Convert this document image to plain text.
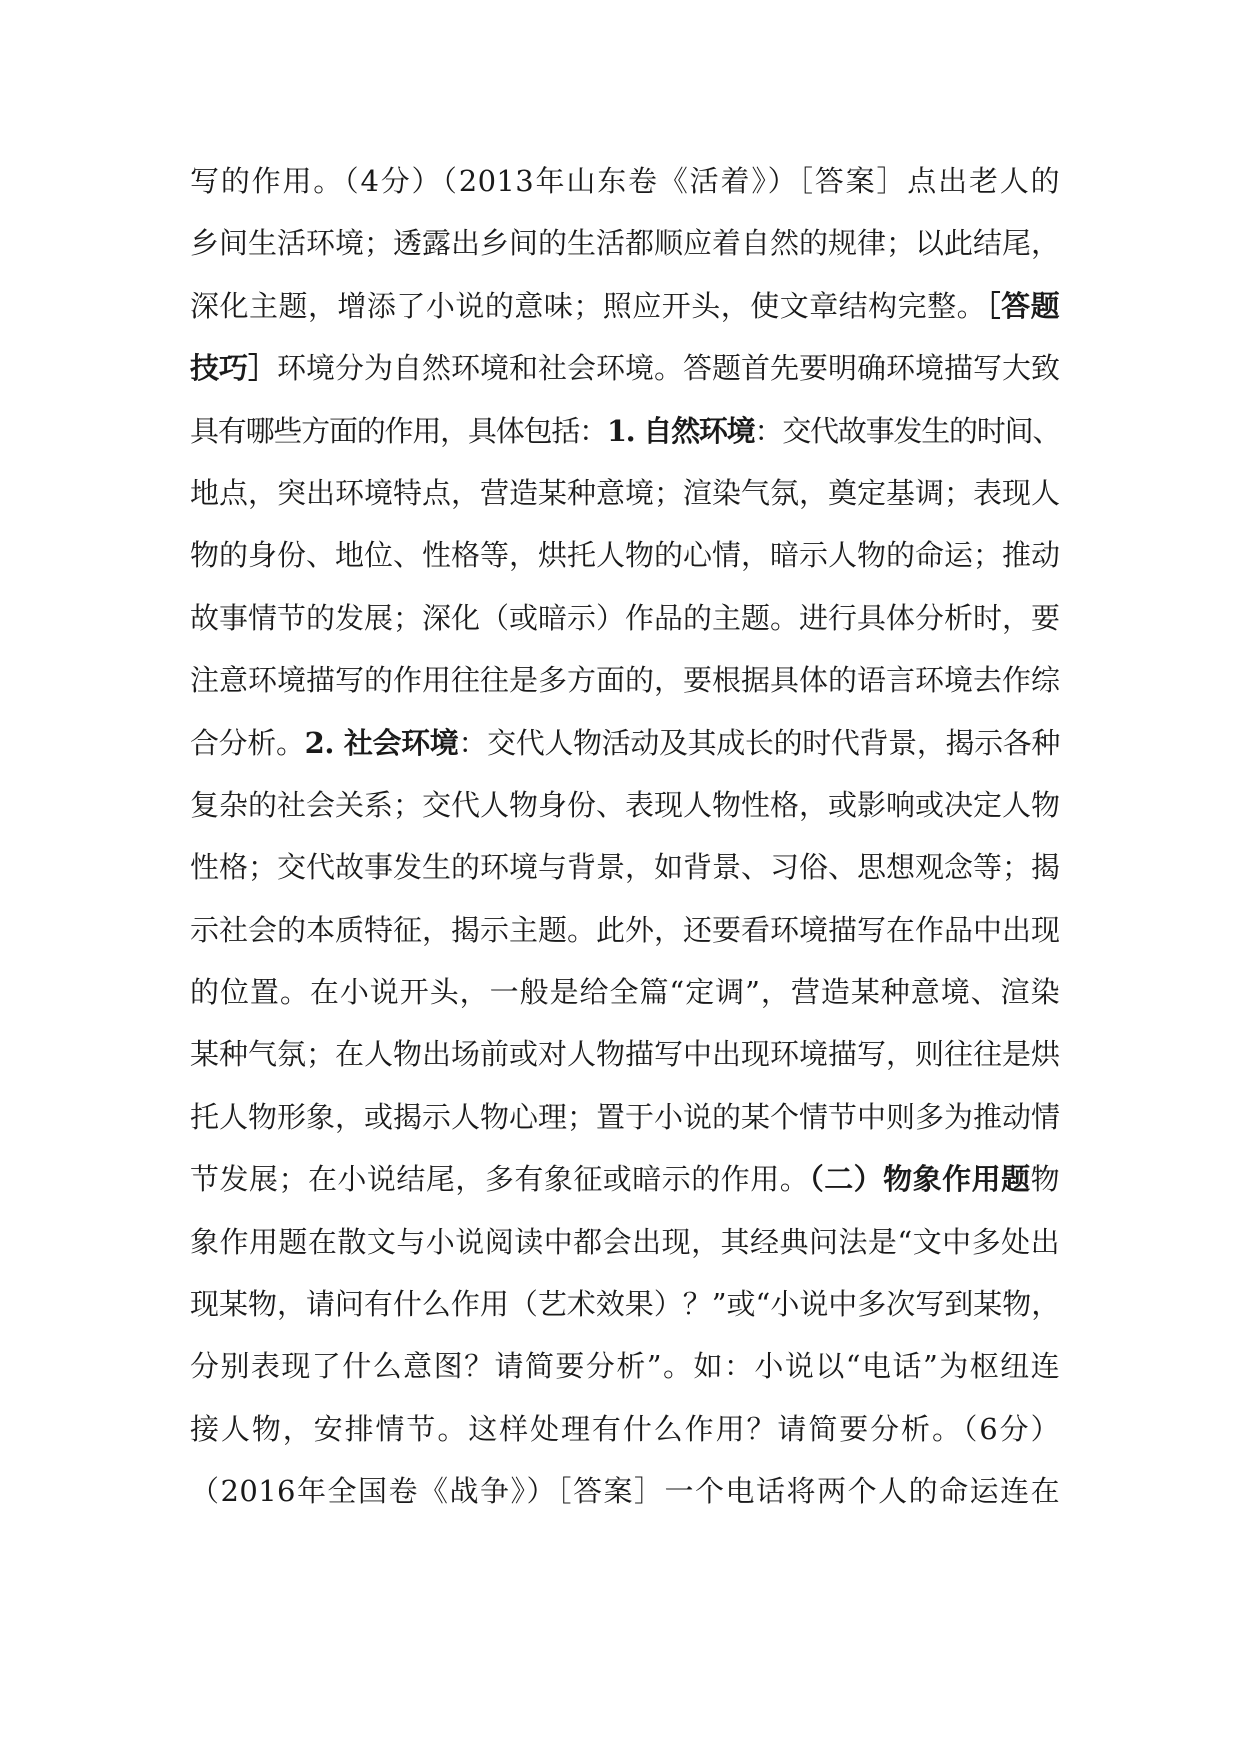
写的作用。（4分）（2013年山东卷《活着》）［答案］点出老人的
乡间生活环境；透露出乡间的生活都顺应着自然的规律；以此结尾，
深化主题，增添了小说的意味；照应开头，使文章结构完整。［答题
技巧］环境分为自然环境和社会环境。答题首先要明确环境描写大致
具有哪些方面的作用，具体包括：1. 自然环境：交代故事发生的时间、
地点，突出环境特点，营造某种意境；渲染气氛，奠定基调；表现人
物的身份、地位、性格等，烘托人物的心情，暗示人物的命运；推动
故事情节的发展；深化（或暗示）作品的主题。进行具体分析时，要
注意环境描写的作用往往是多方面的，要根据具体的语言环境去作综
合分析。2. 社会环境：交代人物活动及其成长的时代背景，揭示各种
复杂的社会关系；交代人物身份、表现人物性格，或影响或决定人物
性格；交代故事发生的环境与背景，如背景、习俗、思想观念等；揭
示社会的本质特征，揭示主题。此外，还要看环境描写在作品中出现
的位置。在小说开头，一般是给全篇“定调”，营造某种意境、渲染
某种气氛；在人物出场前或对人物描写中出现环境描写，则往往是烘
托人物形象，或揭示人物心理；置于小说的某个情节中则多为推动情
节发展；在小说结尾，多有象征或暗示的作用。（二）物象作用题物
象作用题在散文与小说阅读中都会出现，其经典问法是“文中多处出
现某物，请问有什么作用（艺术效果）？”或“小说中多次写到某物，
分别表现了什么意图？请简要分析”。如：小说以“电话”为枢纽连
接人物，安排情节。这样处理有什么作用？请简要分析。（6分）
（2016年全国卷《战争》）［答案］一个电话将两个人的命运连在
